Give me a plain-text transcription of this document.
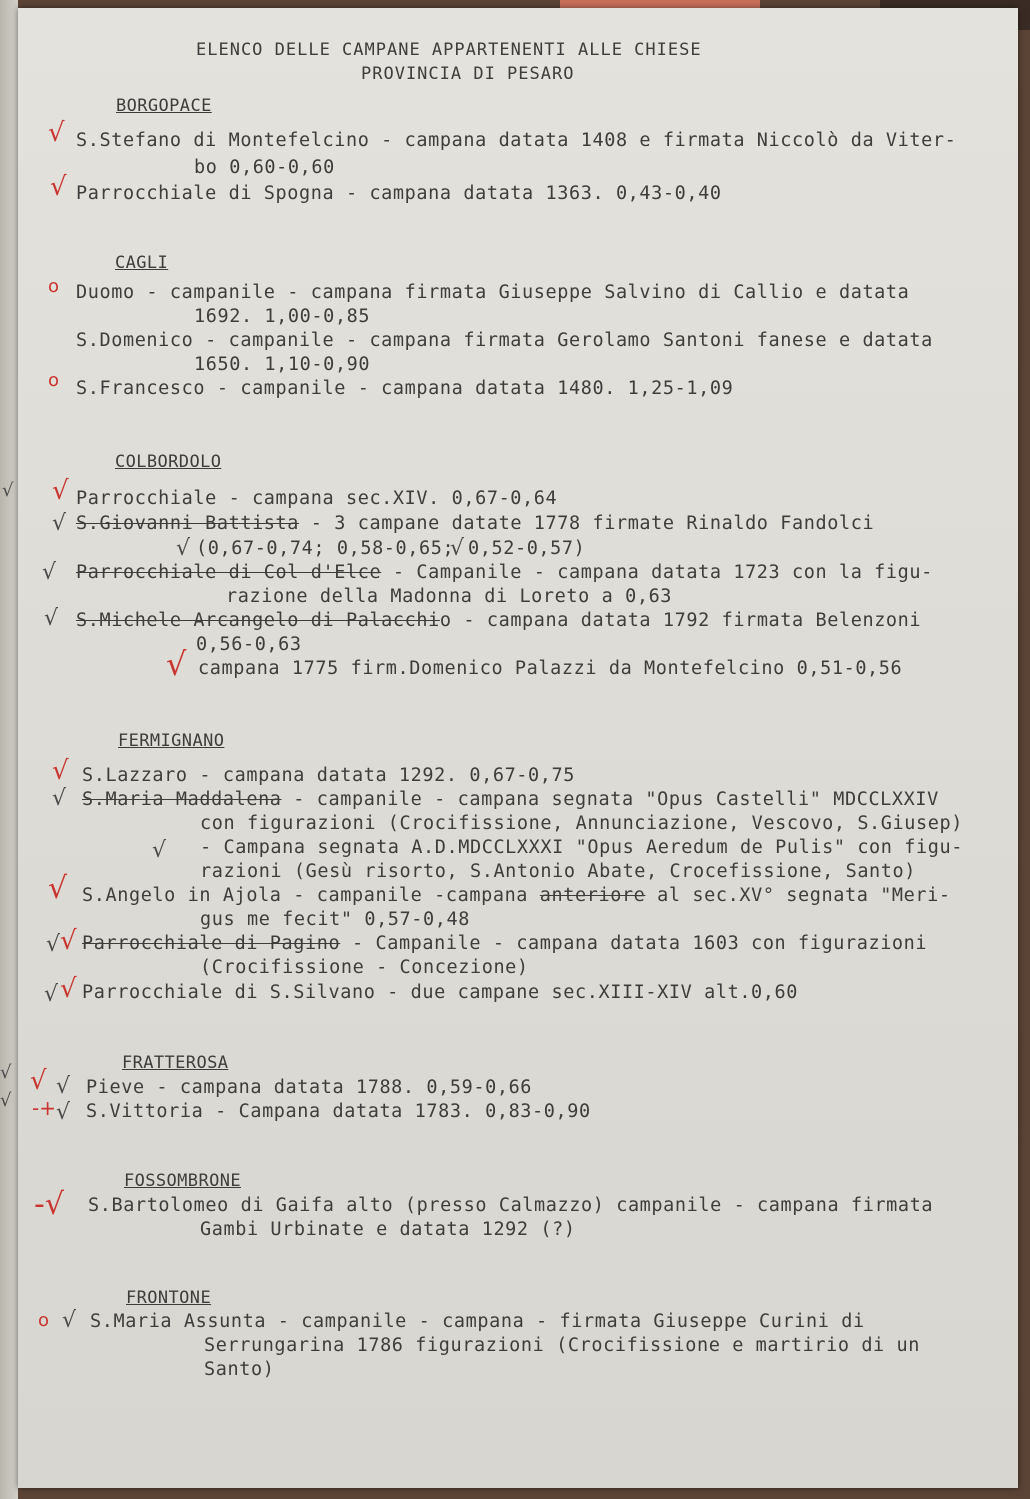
ELENCO DELLE CAMPANE APPARTENENTI ALLE CHIESE
PROVINCIA DI PESARO
BORGOPACE
√ S.Stefano di Montefelcino - campana datata 1408 e firmata Niccolò da Viter-
bo 0,60-0,60
√ Parrocchiale di Spogna - campana datata 1363. 0,43-0,40
CAGLI
o Duomo - campanile - campana firmata Giuseppe Salvino di Callio e datata
1692. 1,00-0,85
S.Domenico - campanile - campana firmata Gerolamo Santoni fanese e datata
1650. 1,10-0,90
o S.Francesco - campanile - campana datata 1480. 1,25-1,09
COLBORDOLO
√ Parrocchiale - campana sec.XIV. 0,67-0,64
√ S.Giovanni Battista - 3 campane datate 1778 firmate Rinaldo Fandolci
√ (0,67-0,74; 0,58-0,65;
√ 0,52-0,57)
√ Parrocchiale di Col d'Elce - Campanile - campana datata 1723 con la figu-
razione della Madonna di Loreto a 0,63
√ S.Michele Arcangelo di Palacchio - campana datata 1792 firmata Belenzoni
0,56-0,63
√ campana 1775 firm.Domenico Palazzi da Montefelcino 0,51-0,56
FERMIGNANO
√ S.Lazzaro - campana datata 1292. 0,67-0,75
√ S.Maria Maddalena - campanile - campana segnata "Opus Castelli" MDCCLXXIV
con figurazioni (Crocifissione, Annunciazione, Vescovo, S.Giusep)
√ - Campana segnata A.D.MDCCLXXXI "Opus Aeredum de Pulis" con figu-
razioni (Gesù risorto, S.Antonio Abate, Crocefissione, Santo)
√ S.Angelo in Ajola - campanile -campana anteriore al sec.XV° segnata "Meri-
gus me fecit" 0,57-0,48
√ √ Parrocchiale di Pagino - Campanile - campana datata 1603 con figurazioni
(Crocifissione - Concezione)
√ √ Parrocchiale di S.Silvano - due campane sec.XIII-XIV alt.0,60
FRATTEROSA
√ √ Pieve - campana datata 1788. 0,59-0,66
-+ √ S.Vittoria - Campana datata 1783. 0,83-0,90
FOSSOMBRONE
-√ S.Bartolomeo di Gaifa alto (presso Calmazzo) campanile - campana firmata
Gambi Urbinate e datata 1292 (?)
FRONTONE
o √ S.Maria Assunta - campanile - campana - firmata Giuseppe Curini di
Serrungarina 1786 figurazioni (Crocifissione e martirio di un
Santo)
√
√
√
